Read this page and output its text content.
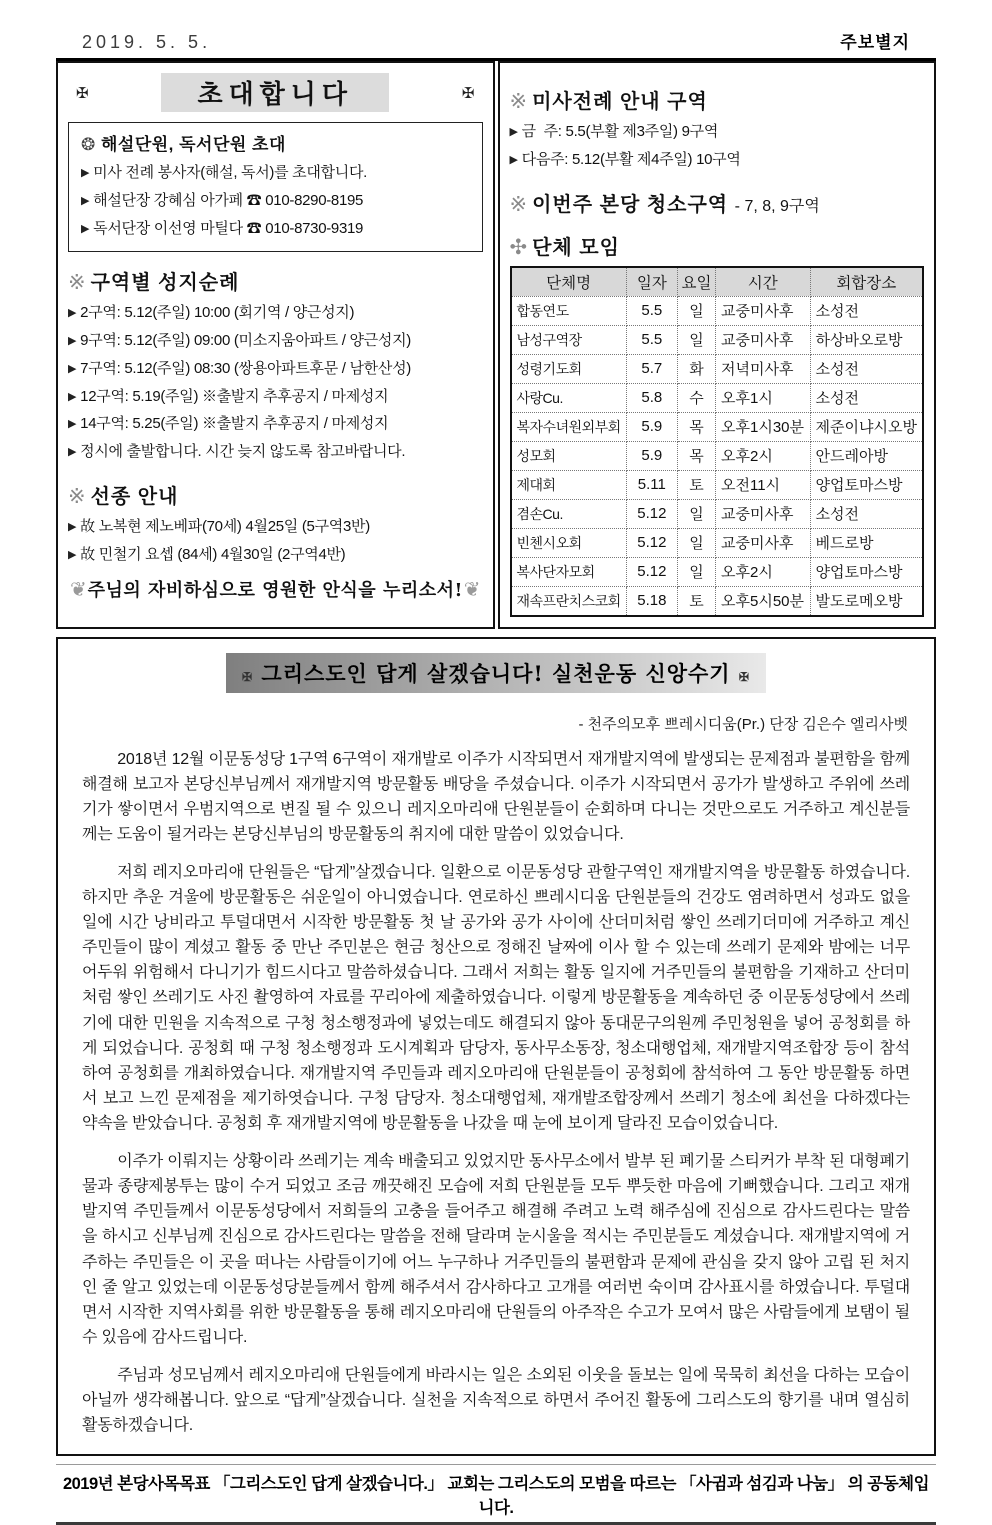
2019. 5. 5.	주보별지
✠	초대합니다	✠
❂ 해설단원, 독서단원 초대
▶ 미사 전례 봉사자(해설, 독서)를 초대합니다.
▶ 해설단장 강혜심 아가페 ☎ 010-8290-8195
▶ 독서단장 이선영 마틸다 ☎ 010-8730-9319
※ 구역별 성지순례
▶ 2구역: 5.12(주일) 10:00 (회기역 / 양근성지)
▶ 9구역: 5.12(주일) 09:00 (미소지움아파트 / 양근성지)
▶ 7구역: 5.12(주일) 08:30 (쌍용아파트후문 / 남한산성)
▶ 12구역: 5.19(주일) ※출발지 추후공지 / 마제성지
▶ 14구역: 5.25(주일) ※출발지 추후공지 / 마제성지
▶ 정시에 출발합니다. 시간 늦지 않도록 참고바랍니다.
※ 선종 안내
▶ 故 노복현 제노베파(70세) 4월25일 (5구역3반)
▶ 故 민철기 요셉 (84세) 4월30일 (2구역4반)
❦ 주님의 자비하심으로 영원한 안식을 누리소서! ❦
※ 미사전례 안내 구역
▶ 금  주: 5.5(부활 제3주일) 9구역
▶ 다음주: 5.12(부활 제4주일) 10구역
※ 이번주 본당 청소구역 - 7, 8, 9구역
✣ 단체 모임
단체명	일자	요일	시간	회합장소
합동연도	5.5	일	교중미사후	소성전
남성구역장	5.5	일	교중미사후	하상바오로방
성령기도회	5.7	화	저녁미사후	소성전
사랑Cu.	5.8	수	오후1시	소성전
복자수녀원외부회	5.9	목	오후1시30분	제준이냐시오방
성모회	5.9	목	오후2시	안드레아방
제대회	5.11	토	오전11시	양업토마스방
겸손Cu.	5.12	일	교중미사후	소성전
빈첸시오회	5.12	일	교중미사후	베드로방
복사단자모회	5.12	일	오후2시	양업토마스방
재속프란치스코회	5.18	토	오후5시50분	발도로메오방
✠ 그리스도인 답게 살겠습니다! 실천운동 신앙수기 ✠
- 천주의모후 쁘레시디움(Pr.) 단장 김은수 엘리사벳

2018년 12월 이문동성당 1구역 6구역이 재개발로 이주가 시작되면서 재개발지역에 발생되는 문제점과 불편함을 함께 해결해 보고자 본당신부님께서 재개발지역 방문활동 배당을 주셨습니다. 이주가 시작되면서 공가가 발생하고 주위에 쓰레기가 쌓이면서 우범지역으로 변질 될 수 있으니 레지오마리애 단원분들이 순회하며 다니는 것만으로도 거주하고 계신분들께는 도움이 될거라는 본당신부님의 방문활동의 취지에 대한 말씀이 있었습니다.

저희 레지오마리애 단원들은 “답게”살겠습니다. 일환으로 이문동성당 관할구역인 재개발지역을 방문활동 하였습니다. 하지만 추운 겨울에 방문활동은 쉬운일이 아니였습니다. 연로하신 쁘레시디움 단원분들의 건강도 염려하면서 성과도 없을 일에 시간 낭비라고 투덜대면서 시작한 방문활동 첫 날 공가와 공가 사이에 산더미처럼 쌓인 쓰레기더미에 거주하고 계신 주민들이 많이 계셨고 활동 중 만난 주민분은 현금 청산으로 정해진 날짜에 이사 할 수 있는데 쓰레기 문제와 밤에는 너무 어두워 위험해서 다니기가 힘드시다고 말씀하셨습니다. 그래서 저희는 활동 일지에 거주민들의 불편함을 기재하고 산더미처럼 쌓인 쓰레기도 사진 촬영하여 자료를 꾸리아에 제출하였습니다. 이렇게 방문활동을 계속하던 중 이문동성당에서 쓰레기에 대한 민원을 지속적으로 구청 청소행정과에 넣었는데도 해결되지 않아 동대문구의원께 주민청원을 넣어 공청회를 하게 되었습니다. 공청회 때 구청 청소행정과 도시계획과 담당자, 동사무소동장, 청소대행업체, 재개발지역조합장 등이 참석하여 공청회를 개최하였습니다. 재개발지역 주민들과 레지오마리애 단원분들이 공청회에 참석하여 그 동안 방문활동 하면서 보고 느낀 문제점을 제기하엿습니다. 구청 담당자. 청소대행업체, 재개발조합장께서 쓰레기 청소에 최선을 다하겠다는 약속을 받았습니다. 공청회 후 재개발지역에 방문활동을 나갔을 때 눈에 보이게 달라진 모습이었습니다.

이주가 이뤄지는 상황이라 쓰레기는 계속 배출되고 있었지만 동사무소에서 발부 된 폐기물 스티커가 부착 된 대형폐기물과 종량제봉투는 많이 수거 되었고 조금 깨끗해진 모습에 저희 단원분들 모두 뿌듯한 마음에 기뻐했습니다. 그리고 재개발지역 주민들께서 이문동성당에서 저희들의 고충을 들어주고 해결해 주려고 노력 해주심에 진심으로 감사드린다는 말씀을 하시고 신부님께 진심으로 감사드린다는 말씀을 전해 달라며 눈시울을 적시는 주민분들도 계셨습니다. 재개발지역에 거주하는 주민들은 이 곳을 떠나는 사람들이기에 어느 누구하나 거주민들의 불편함과 문제에 관심을 갖지 않아 고립 된 처지인 줄 알고 있었는데 이문동성당분들께서 함께 해주셔서 감사하다고 고개를 여러번 숙이며 감사표시를 하였습니다. 투덜대면서 시작한 지역사회를 위한 방문활동을 통해 레지오마리애 단원들의 아주작은 수고가 모여서 많은 사람들에게 보탬이 될 수 있음에 감사드립니다.

주님과 성모님께서 레지오마리애 단원들에게 바라시는 일은 소외된 이웃을 돌보는 일에 묵묵히 최선을 다하는 모습이 아닐까 생각해봅니다. 앞으로 “답게”살겠습니다. 실천을 지속적으로 하면서 주어진 활동에 그리스도의 향기를 내며 열심히 활동하겠습니다.

2019년 본당사목목표 「그리스도인 답게 살겠습니다.」 교회는 그리스도의 모범을 따르는 「사귐과 섬김과 나눔」 의 공동체입니다.
